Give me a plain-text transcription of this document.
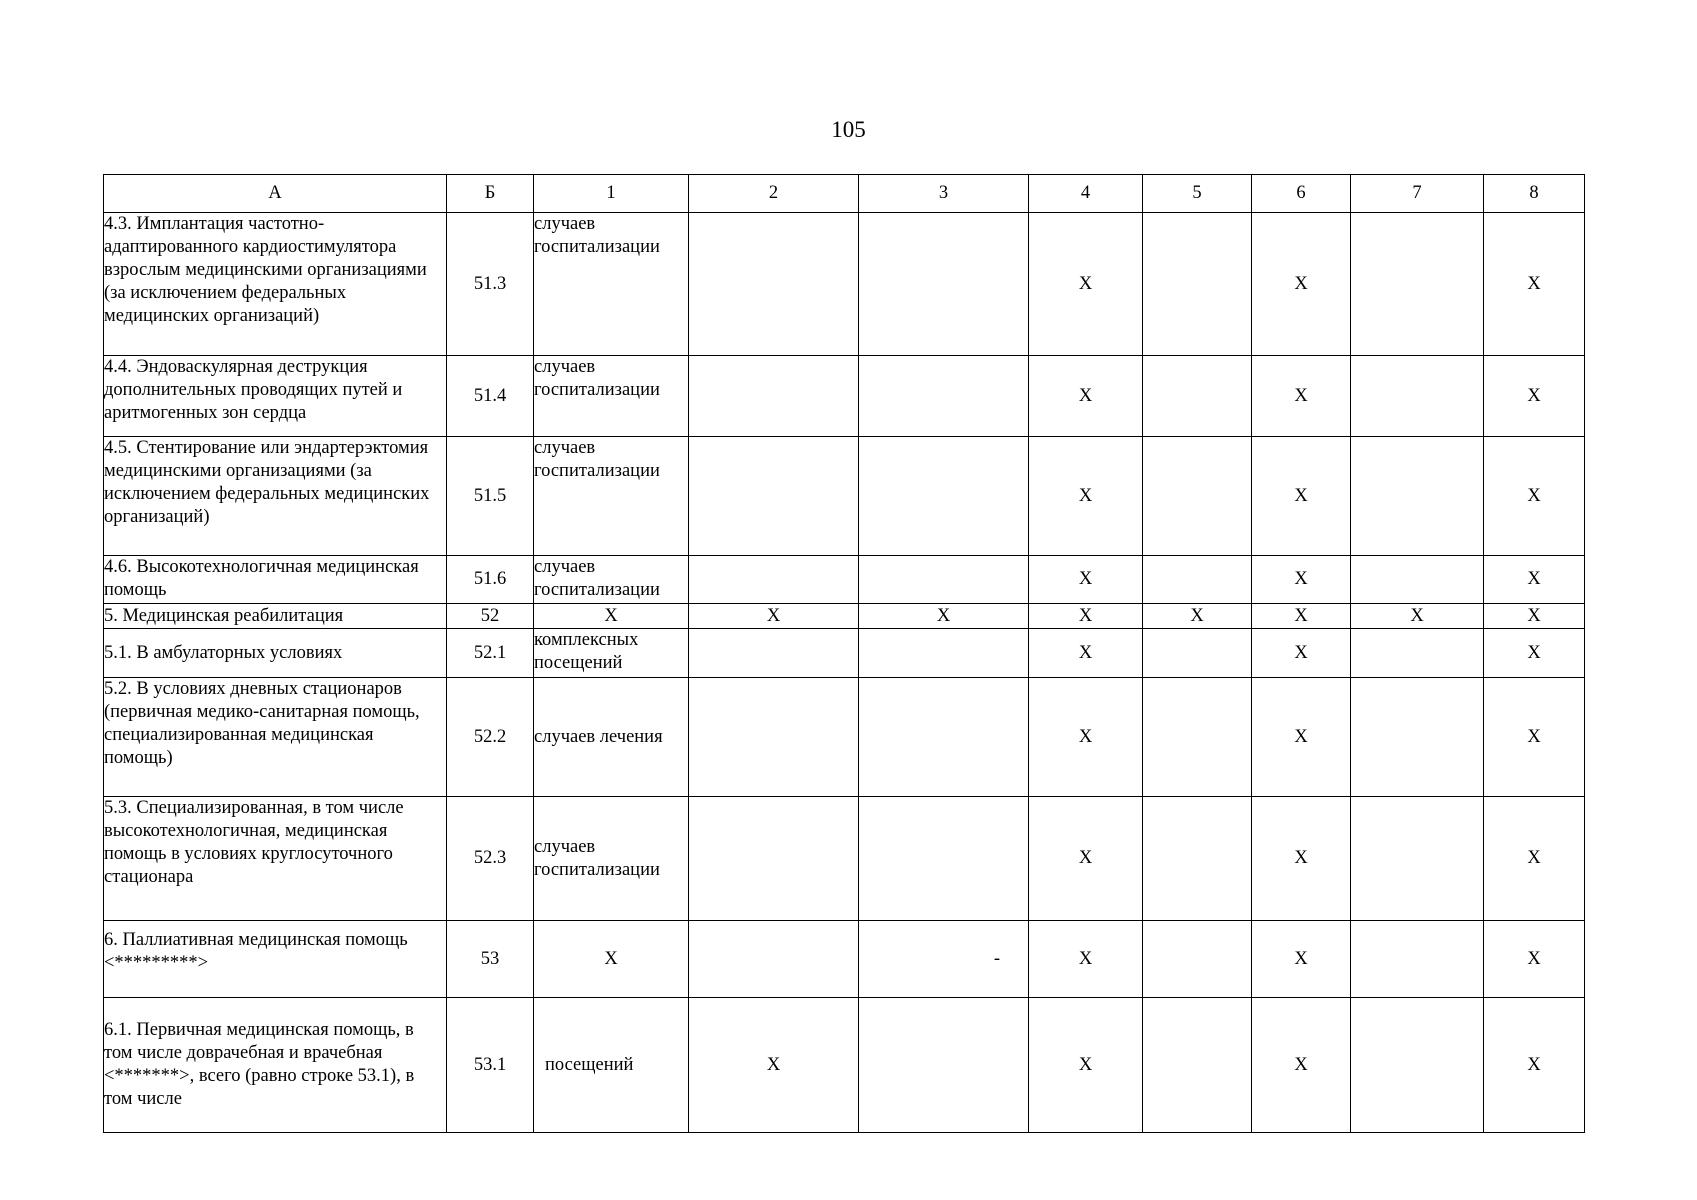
105
А	Б	1	2	3	4	5	6	7	8
4.3. Имплантация частотно-адаптированного кардиостимулятора взрослым медицинскими организациями (за исключением федеральных медицинских организаций)	51.3	случаев госпитализации			X		X		X
4.4. Эндоваскулярная деструкция дополнительных проводящих путей и аритмогенных зон сердца	51.4	случаев госпитализации			X		X		X
4.5. Стентирование или эндартерэктомия медицинскими организациями (за исключением федеральных медицинских организаций)	51.5	случаев госпитализации			X		X		X
4.6. Высокотехнологичная медицинская помощь	51.6	случаев госпитализации			X		X		X
5. Медицинская реабилитация	52	X	X	X	X	X	X	X	X
5.1. В амбулаторных условиях	52.1	комплексных посещений			X		X		X
5.2. В условиях дневных стационаров (первичная медико-санитарная помощь, специализированная медицинская помощь)	52.2	случаев лечения			X		X		X
5.3. Специализированная, в том числе высокотехнологичная, медицинская помощь в условиях круглосуточного стационара	52.3	случаев госпитализации			X		X		X
6. Паллиативная медицинская помощь <*********>	53	X		-	X		X		X
6.1. Первичная медицинская помощь, в том числе доврачебная и врачебная <*******>, всего (равно строке 53.1), в том числе	53.1	посещений	X		X		X		X
